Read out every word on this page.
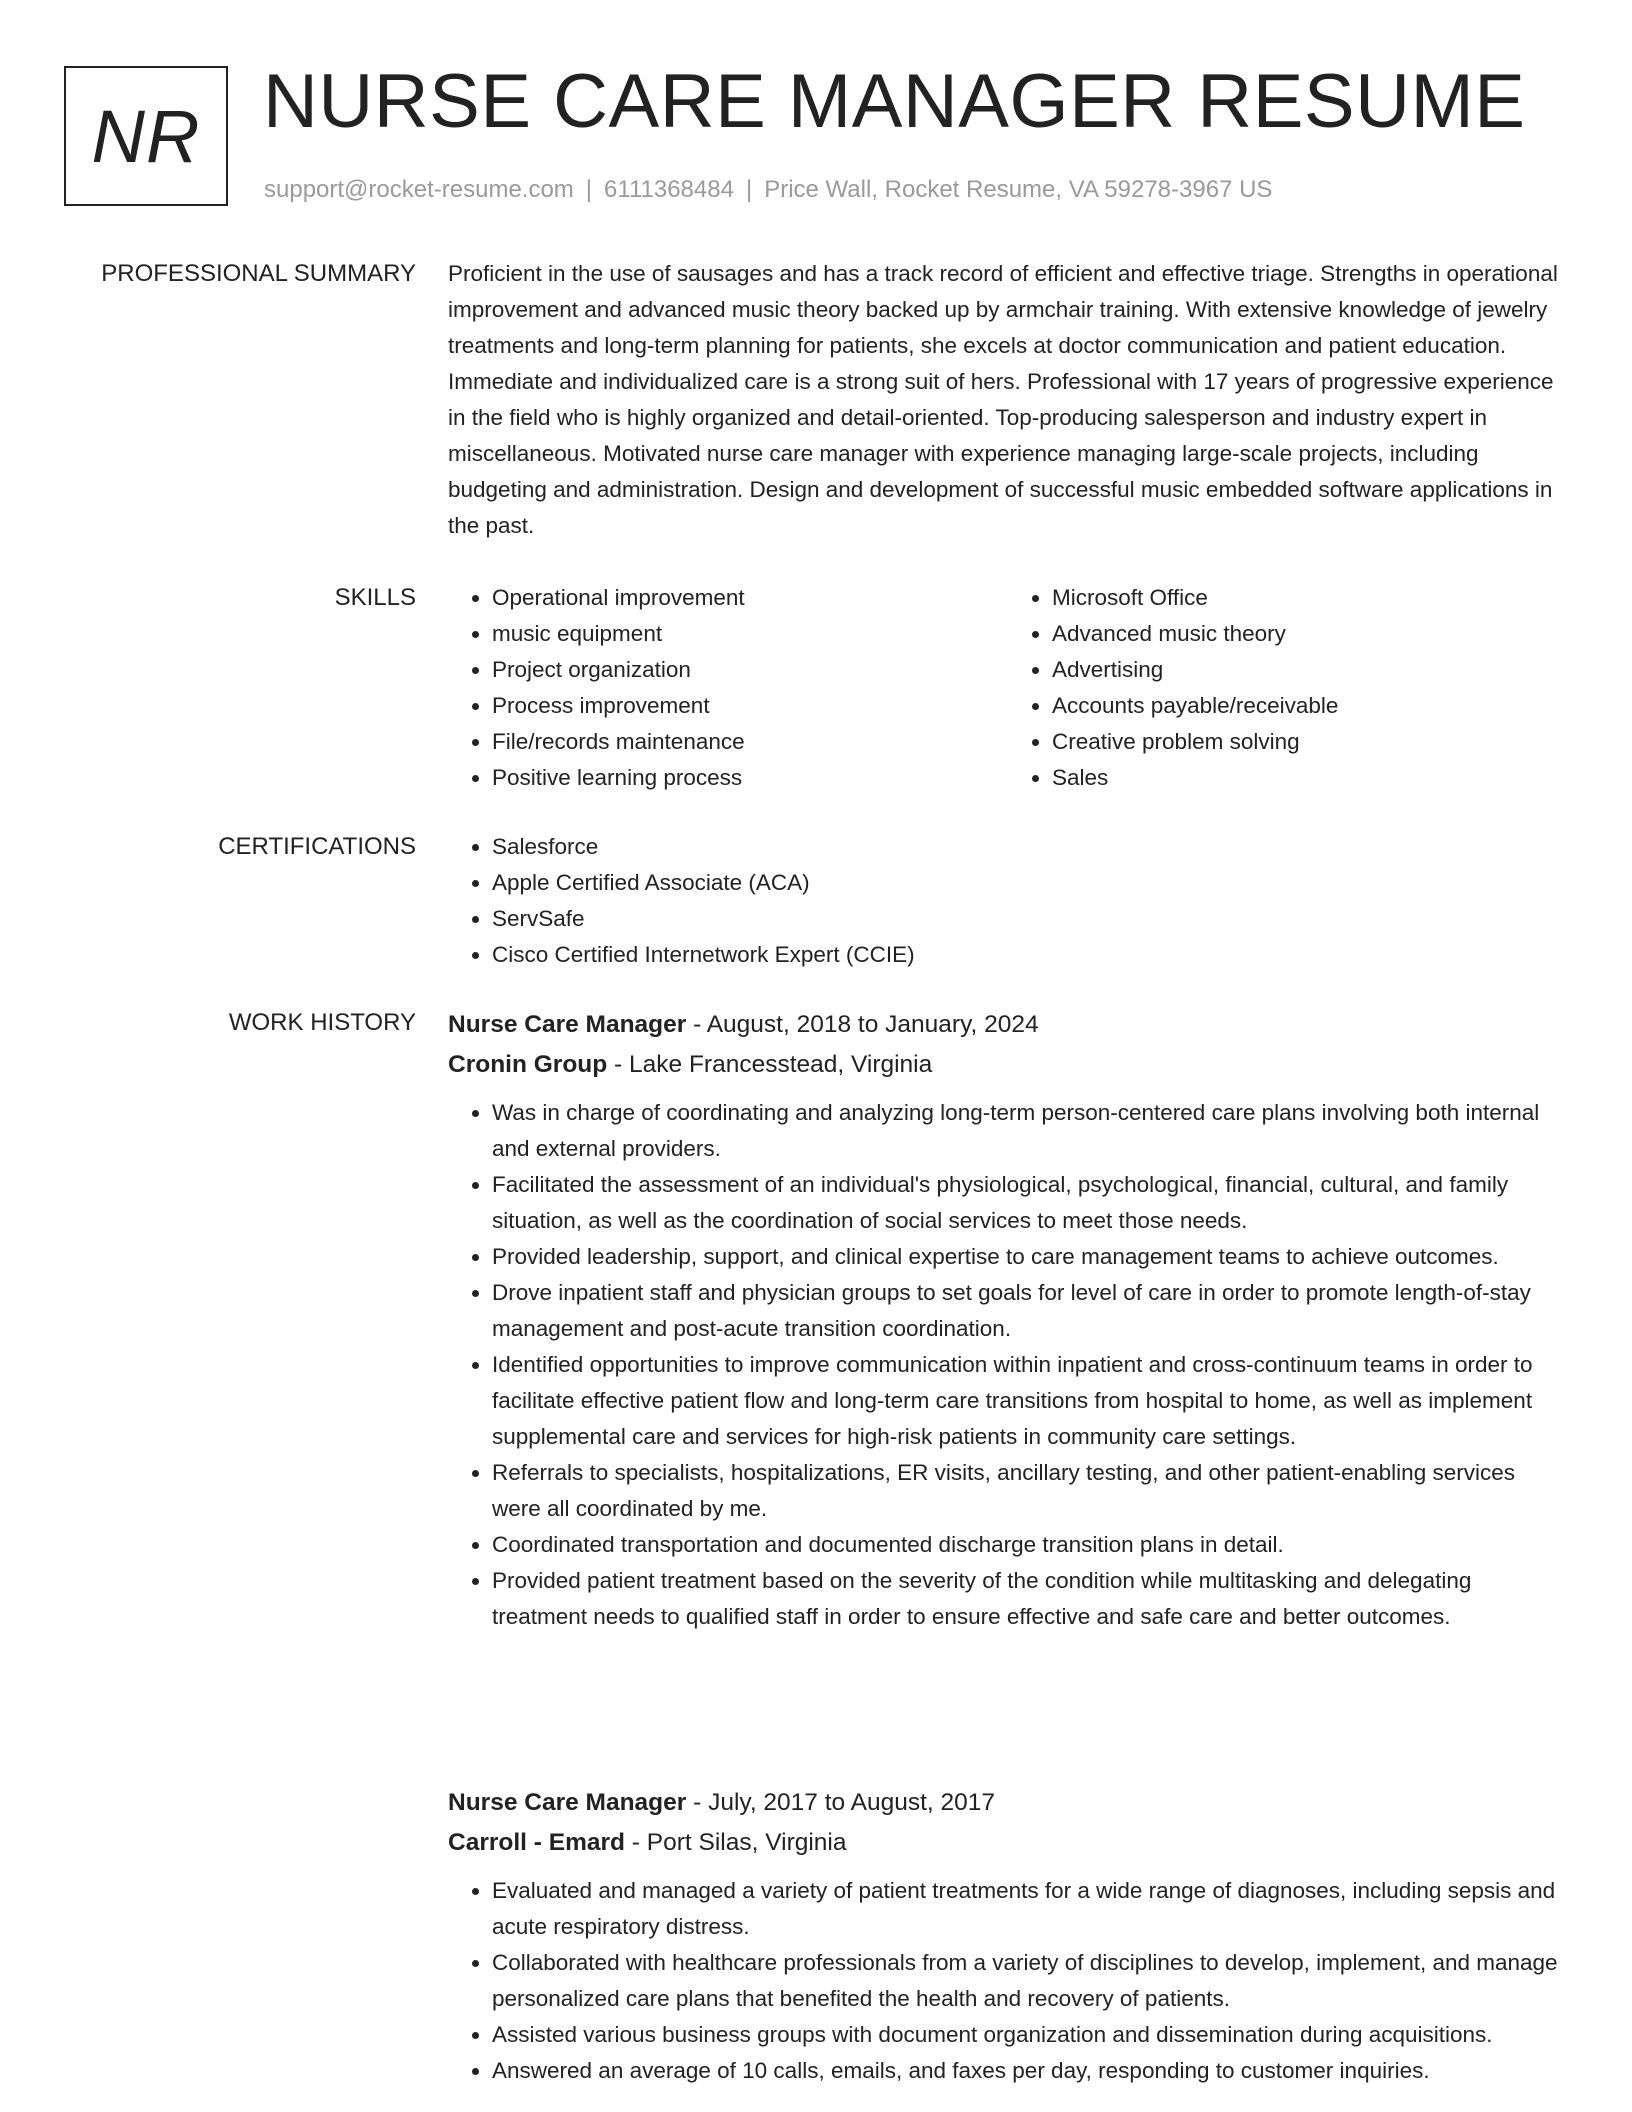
NR NURSE CARE MANAGER RESUME
support@rocket-resume.com | 6111368484 | Price Wall, Rocket Resume, VA 59278-3967 US
PROFESSIONAL SUMMARY Proficient in the use of sausages and has a track record of efficient and effective triage. Strengths in operational improvement and advanced music theory backed up by armchair training. With extensive knowledge of jewelry treatments and long-term planning for patients, she excels at doctor communication and patient education. Immediate and individualized care is a strong suit of hers. Professional with 17 years of progressive experience in the field who is highly organized and detail-oriented. Top-producing salesperson and industry expert in miscellaneous. Motivated nurse care manager with experience managing large-scale projects, including budgeting and administration. Design and development of successful music embedded software applications in the past.

SKILLS	• Operational improvement
• music equipment
• Project organization
• Process improvement
• File/records maintenance
• Positive learning process
• Microsoft Office
• Advanced music theory
• Advertising
• Accounts payable/receivable
• Creative problem solving
• Sales
CERTIFICATIONS	• Salesforce
• Apple Certified Associate (ACA)
• ServSafe
• Cisco Certified Internetwork Expert (CCIE)
WORK HISTORY Nurse Care Manager - August, 2018 to January, 2024
Cronin Group - Lake Francesstead, Virginia
• Was in charge of coordinating and analyzing long-term person-centered care plans involving both internal and external providers.
• Facilitated the assessment of an individual's physiological, psychological, financial, cultural, and family situation, as well as the coordination of social services to meet those needs.
• Provided leadership, support, and clinical expertise to care management teams to achieve outcomes.
• Drove inpatient staff and physician groups to set goals for level of care in order to promote length-of-stay management and post-acute transition coordination.
• Identified opportunities to improve communication within inpatient and cross-continuum teams in order to facilitate effective patient flow and long-term care transitions from hospital to home, as well as implement supplemental care and services for high-risk patients in community care settings.
• Referrals to specialists, hospitalizations, ER visits, ancillary testing, and other patient-enabling services were all coordinated by me.
• Coordinated transportation and documented discharge transition plans in detail.
• Provided patient treatment based on the severity of the condition while multitasking and delegating treatment needs to qualified staff in order to ensure effective and safe care and better outcomes.
Nurse Care Manager - July, 2017 to August, 2017
Carroll - Emard - Port Silas, Virginia
• Evaluated and managed a variety of patient treatments for a wide range of diagnoses, including sepsis and acute respiratory distress.
• Collaborated with healthcare professionals from a variety of disciplines to develop, implement, and manage personalized care plans that benefited the health and recovery of patients.
• Assisted various business groups with document organization and dissemination during acquisitions.
• Answered an average of 10 calls, emails, and faxes per day, responding to customer inquiries.
